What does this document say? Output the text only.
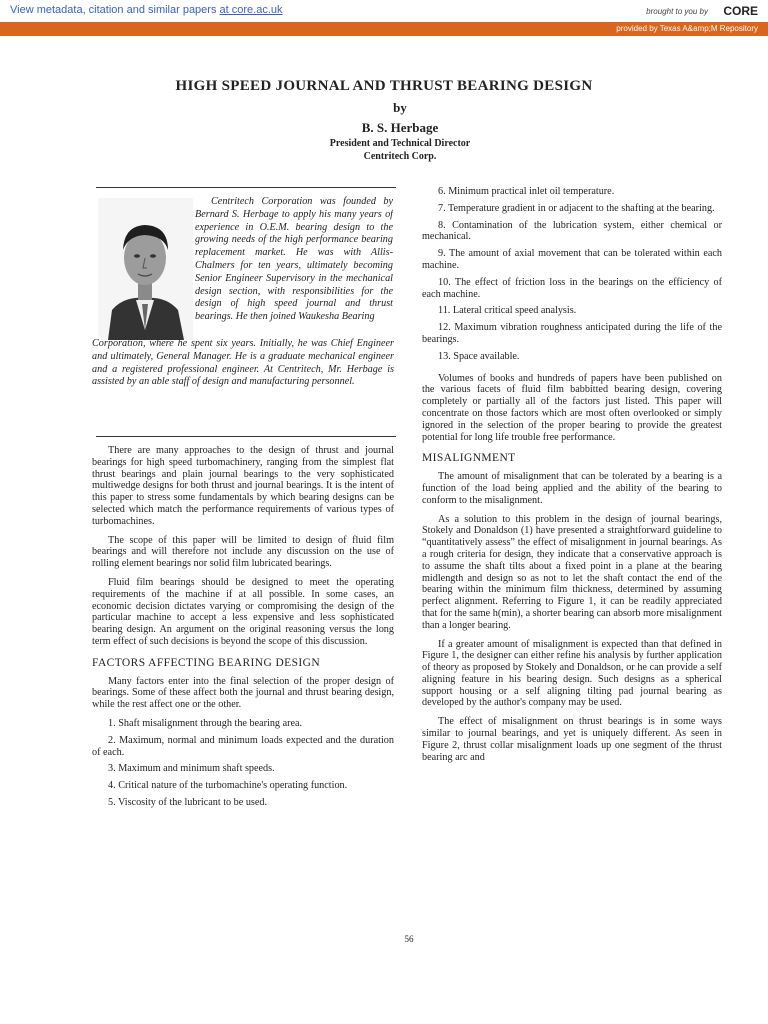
View metadata, citation and similar papers at core.ac.uk	brought to you by CORE
provided by Texas A&amp;M Repository
HIGH SPEED JOURNAL AND THRUST BEARING DESIGN
by
B. S. Herbage
President and Technical Director
Centritech Corp.
Centritech Corporation was founded by Bernard S. Herbage to apply his many years of experience in O.E.M. bearing design to the growing needs of the high performance bearing replacement market. He was with Allis-Chalmers for ten years, ultimately becoming Senior Engineer Supervisory in the mechanical design section, with responsibilities for the design of high speed journal and thrust bearings. He then joined Waukesha Bearing
Corporation, where he spent six years. Initially, he was Chief Engineer and ultimately, General Manager. He is a graduate mechanical engineer and a registered professional engineer. At Centritech, Mr. Herbage is assisted by an able staff of design and manufacturing personnel.

There are many approaches to the design of thrust and journal bearings for high speed turbomachinery, ranging from the simplest flat thrust bearings and plain journal bearings to the very sophisticated multiwedge designs for both thrust and journal bearings. It is the intent of this paper to stress some fundamentals by which bearing designs can be selected which match the performance requirements of various types of turbomachines.

The scope of this paper will be limited to design of fluid film bearings and will therefore not include any discussion on the use of rolling element bearings nor solid film lubricated bearings.

Fluid film bearings should be designed to meet the operating requirements of the machine if at all possible. In some cases, an economic decision dictates varying or compromising the design of the particular machine to accept a less expensive and less sophisticated bearing design. An argument on the original reasoning versus the long term effect of such decisions is beyond the scope of this discussion.

FACTORS AFFECTING BEARING DESIGN

Many factors enter into the final selection of the proper design of bearings. Some of these affect both the journal and thrust bearing design, while the rest affect one or the other.

1. Shaft misalignment through the bearing area.

2. Maximum, normal and minimum loads expected and the duration of each.

3. Maximum and minimum shaft speeds.

4. Critical nature of the turbomachine's operating function.

5. Viscosity of the lubricant to be used.

6. Minimum practical inlet oil temperature.

7. Temperature gradient in or adjacent to the shafting at the bearing.

8. Contamination of the lubrication system, either chemical or mechanical.

9. The amount of axial movement that can be tolerated within each machine.

10. The effect of friction loss in the bearings on the efficiency of each machine.

11. Lateral critical speed analysis.

12. Maximum vibration roughness anticipated during the life of the bearings.

13. Space available.

Volumes of books and hundreds of papers have been published on the various facets of fluid film babbitted bearing design, covering completely or partially all of the factors just listed. This paper will concentrate on those factors which are most often overlooked or simply ignored in the selection of the proper bearing to provide the greatest potential for long life trouble free performance.

MISALIGNMENT

The amount of misalignment that can be tolerated by a bearing is a function of the load being applied and the ability of the bearing to conform to the misalignment.

As a solution to this problem in the design of journal bearings, Stokely and Donaldson (1) have presented a straightforward guideline to “quantitatively assess” the effect of misalignment in journal bearings. As a rough criteria for design, they indicate that a conservative approach is to assume the shaft tilts about a fixed point in a plane at the bearing midlength and design so as not to let the shaft contact the end of the bearing within the minimum film thickness, determined by assuming perfect alignment. Referring to Figure 1, it can be readily appreciated that for the same h(min), a shorter bearing can absorb more misalignment than a longer bearing.

If a greater amount of misalignment is expected than that defined in Figure 1, the designer can either refine his analysis by further application of theory as proposed by Stokely and Donaldson, or he can provide a self aligning feature in his bearing design. Such designs as a spherical support housing or a self aligning tilting pad journal bearing as developed by the author's company may be used.

The effect of misalignment on thrust bearings is in some ways similar to journal bearings, and yet is uniquely different. As seen in Figure 2, thrust collar misalignment loads up one segment of the thrust bearing arc and

56
